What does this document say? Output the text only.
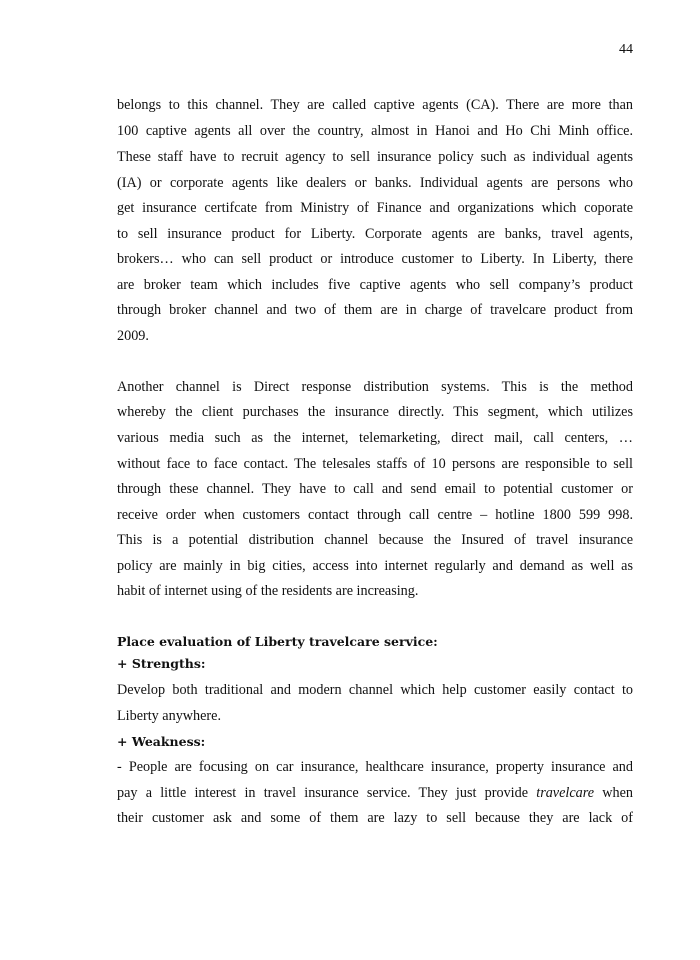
44
belongs to this channel. They are called captive agents (CA). There are more than
100 captive agents all over the country, almost in Hanoi and Ho Chi Minh office.
These staff have to recruit agency to sell insurance policy such as individual agents
(IA) or corporate agents like dealers or banks. Individual agents are persons who
get insurance certifcate from Ministry of Finance and organizations which coporate
to sell insurance product for Liberty. Corporate agents are banks, travel agents,
brokers… who can sell product or introduce customer to Liberty. In Liberty, there
are broker team which includes five captive agents who sell company’s product
through broker channel and two of them are in charge of travelcare product from
2009.
Another channel is Direct response distribution systems. This is the method
whereby the client purchases the insurance directly. This segment, which utilizes
various media such as the internet, telemarketing, direct mail, call centers, …
without face to face contact. The telesales staffs of 10 persons are responsible to sell
through these channel. They have to call and send email to potential customer or
receive order when customers contact through call centre – hotline 1800 599 998.
This is a potential distribution channel because the Insured of travel insurance
policy are mainly in big cities, access into internet regularly and demand as well as
habit of internet using of the residents are increasing.
Place evaluation of Liberty travelcare service:
+ Strengths:
Develop both traditional and modern channel which help customer easily contact to
Liberty anywhere.
+ Weakness:
- People are focusing on car insurance, healthcare insurance, property insurance and
pay a little interest in travel insurance service. They just provide travelcare when
their customer ask and some of them are lazy to sell because they are lack of
